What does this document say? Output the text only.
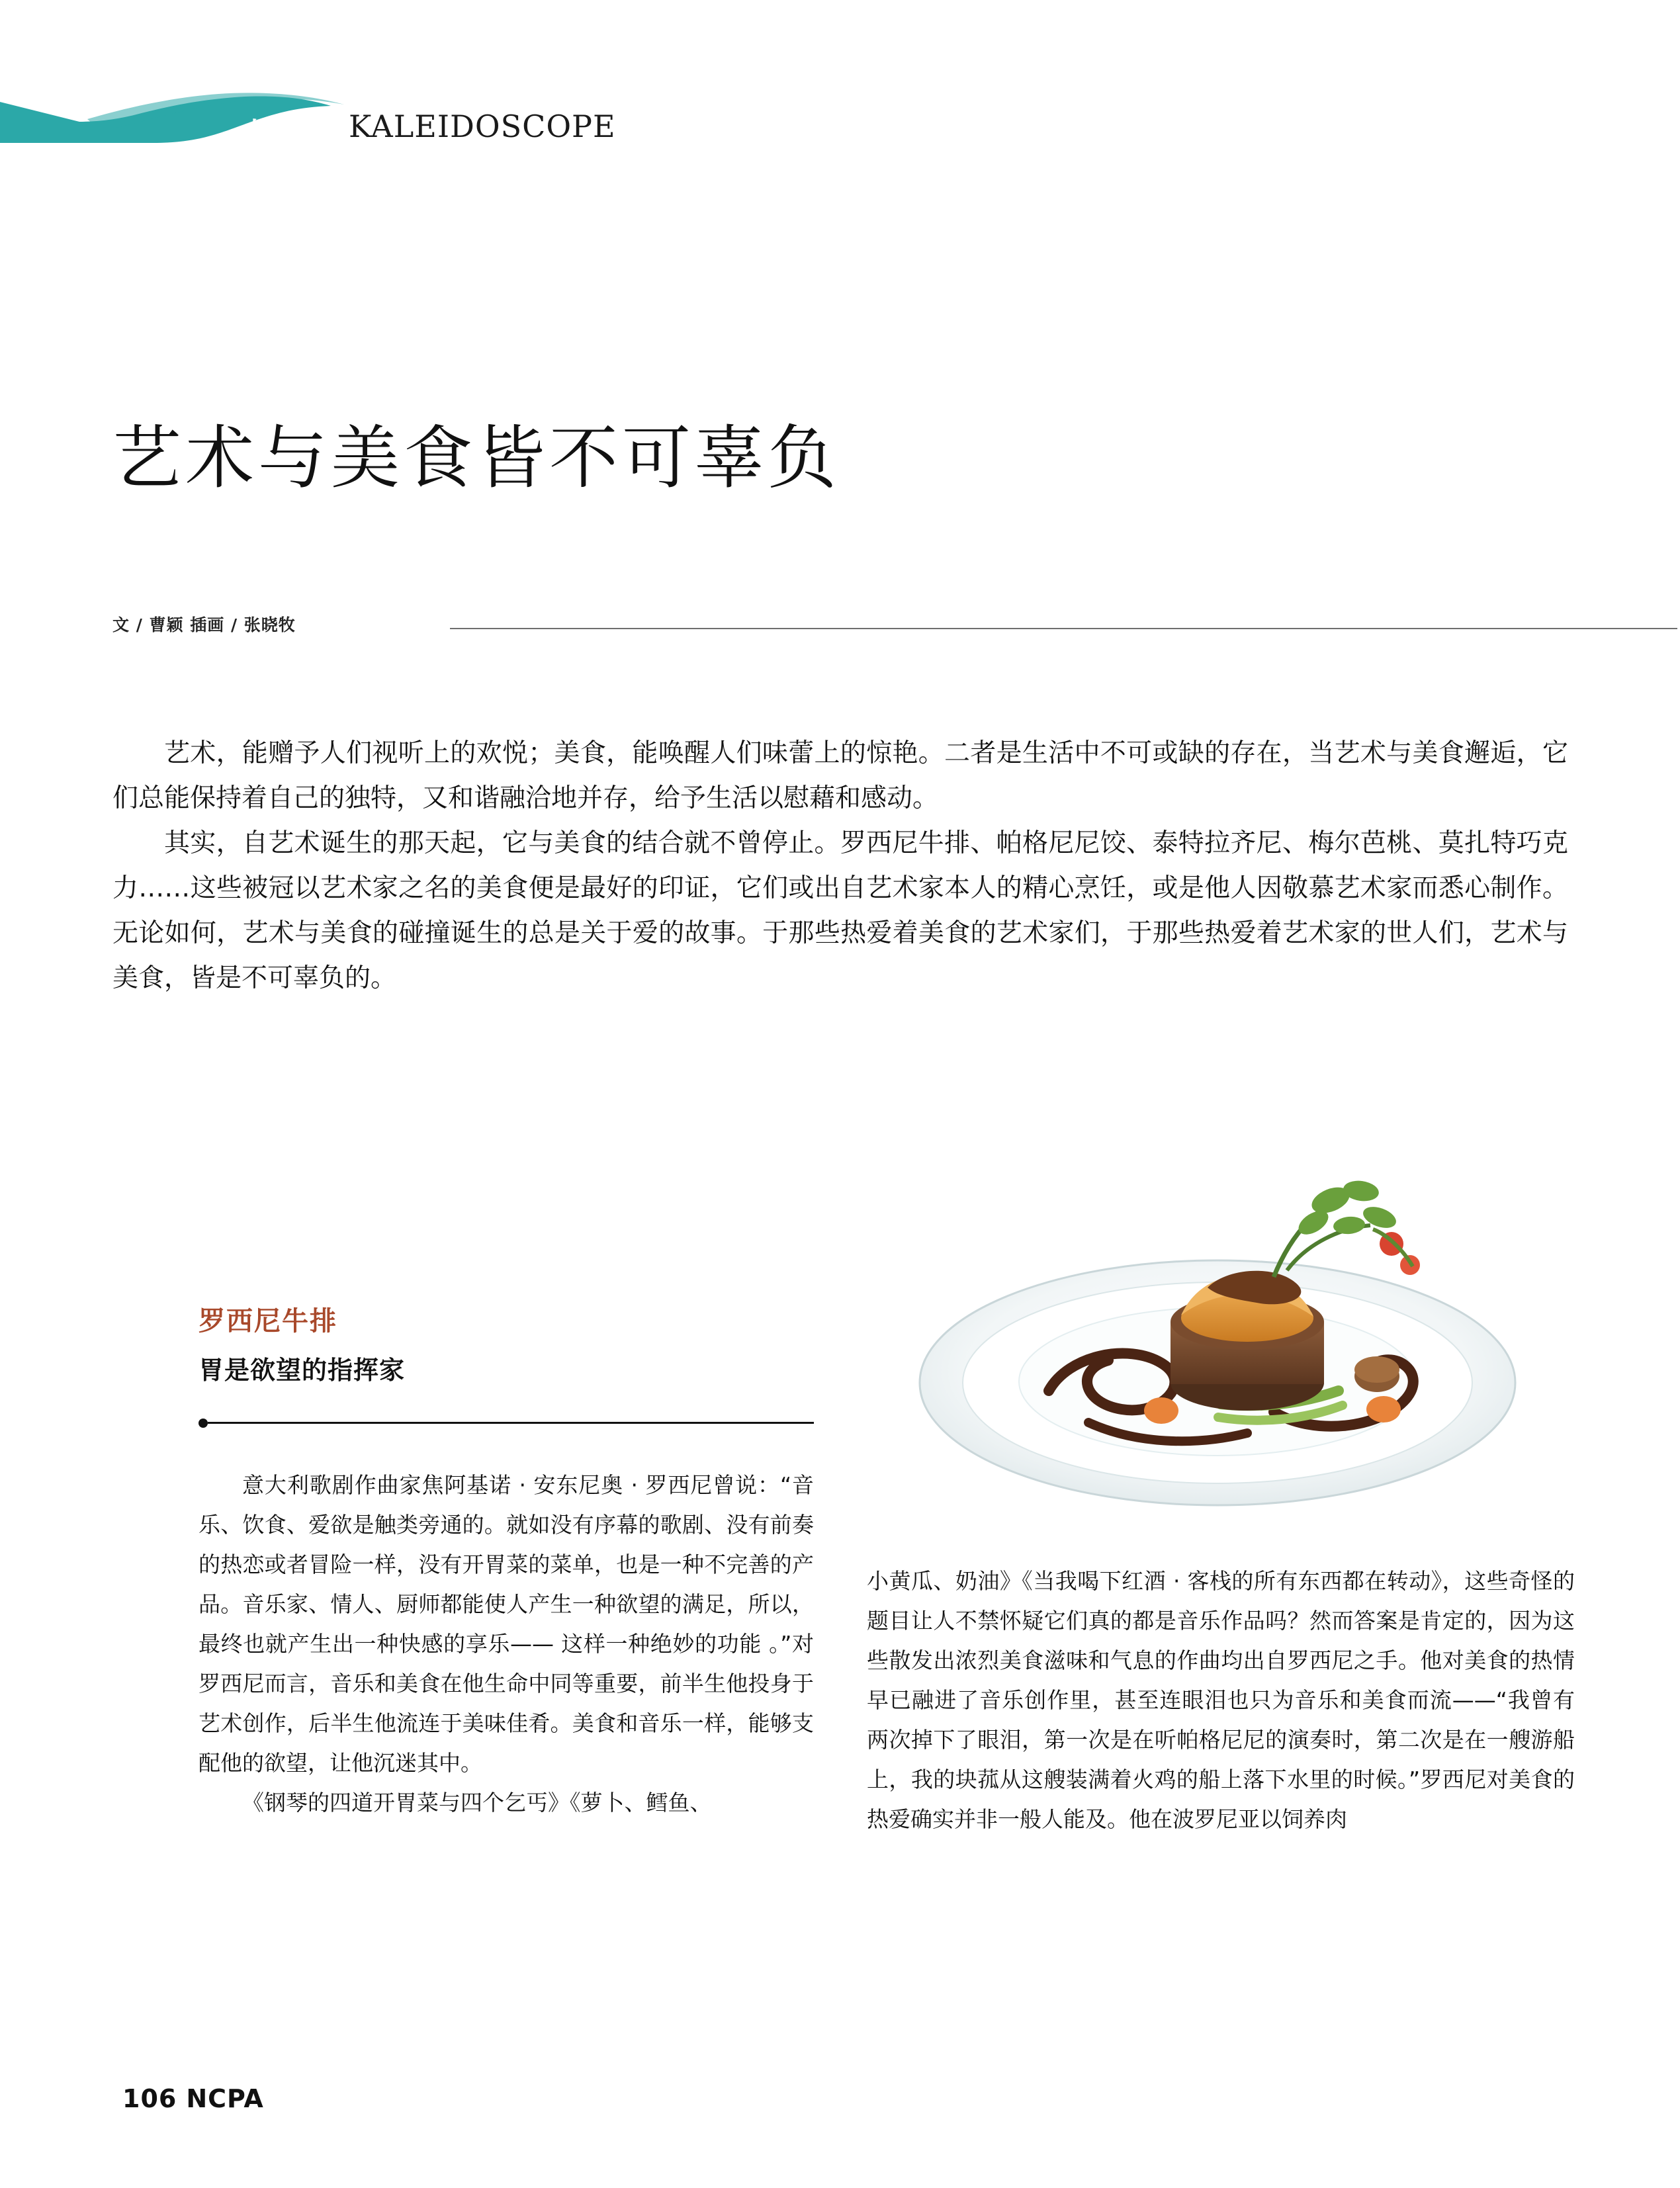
趣览 KALEIDOSCOPE
艺术与美食皆不可辜负
文 / 曹颖 插画 / 张晓牧

艺术，能赠予人们视听上的欢悦；美食，能唤醒人们味蕾上的惊艳。二者是生活中不可或缺的存在，当艺术与美食邂逅，它们总能保持着自己的独特，又和谐融洽地并存，给予生活以慰藉和感动。

其实，自艺术诞生的那天起，它与美食的结合就不曾停止。罗西尼牛排、帕格尼尼饺、泰特拉齐尼、梅尔芭桃、莫扎特巧克力……这些被冠以艺术家之名的美食便是最好的印证，它们或出自艺术家本人的精心烹饪，或是他人因敬慕艺术家而悉心制作。无论如何，艺术与美食的碰撞诞生的总是关于爱的故事。于那些热爱着美食的艺术家们，于那些热爱着艺术家的世人们，艺术与美食，皆是不可辜负的。

罗西尼牛排
胃是欲望的指挥家

意大利歌剧作曲家焦阿基诺 · 安东尼奥 · 罗西尼曾说：“音乐、饮食、爱欲是触类旁通的。就如没有序幕的歌剧、没有前奏的热恋或者冒险一样，没有开胃菜的菜单，也是一种不完善的产品。音乐家、情人、厨师都能使人产生一种欲望的满足，所以，最终也就产生出一种快感的享乐—— 这样一种绝妙的功能 。”对罗西尼而言，音乐和美食在他生命中同等重要，前半生他投身于艺术创作，后半生他流连于美味佳肴。美食和音乐一样，能够支配他的欲望，让他沉迷其中。

《钢琴的四道开胃菜与四个乞丐》《萝卜、鳕鱼、

小黄瓜、奶油》《当我喝下红酒 · 客栈的所有东西都在转动》，这些奇怪的题目让人不禁怀疑它们真的都是音乐作品吗？然而答案是肯定的，因为这些散发出浓烈美食滋味和气息的作曲均出自罗西尼之手。他对美食的热情早已融进了音乐创作里，甚至连眼泪也只为音乐和美食而流——“我曾有两次掉下了眼泪，第一次是在听帕格尼尼的演奏时，第二次是在一艘游船上，我的块菰从这艘装满着火鸡的船上落下水里的时候。”罗西尼对美食的热爱确实并非一般人能及。他在波罗尼亚以饲养肉

106 NCPA
